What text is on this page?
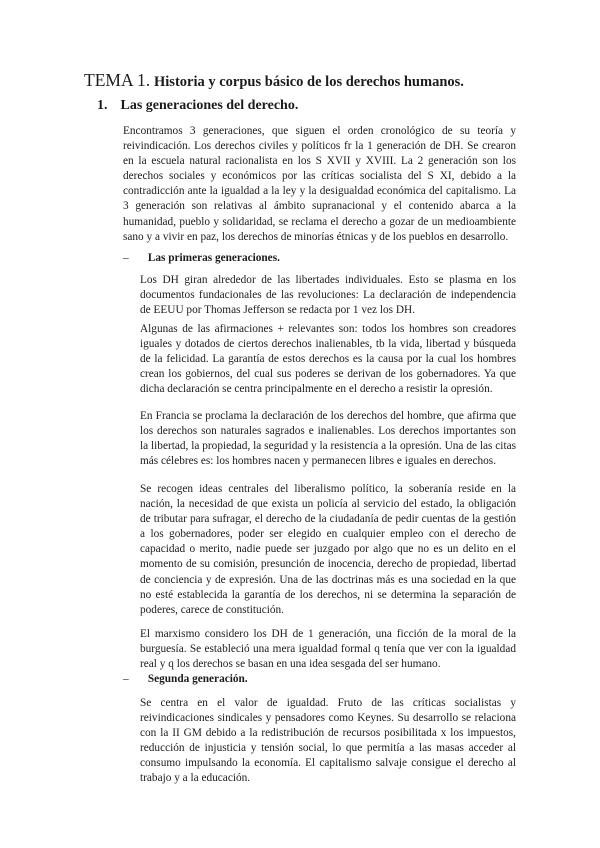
TEMA 1. Historia y corpus básico de los derechos humanos.
1. Las generaciones del derecho.
Encontramos 3 generaciones, que siguen el orden cronológico de su teoría y reivindicación. Los derechos civiles y políticos fr la 1 generación de DH. Se crearon en la escuela natural racionalista en los S XVII y XVIII. La 2 generación son los derechos sociales y económicos por las críticas socialista del S XI, debido a la contradicción ante la igualdad a la ley y la desigualdad económica del capitalismo. La 3 generación son relativas al ámbito supranacional y el contenido abarca a la humanidad, pueblo y solidaridad, se reclama el derecho a gozar de un medioambiente sano y a vivir en paz, los derechos de minorías étnicas y de los pueblos en desarrollo.
– Las primeras generaciones.
Los DH giran alrededor de las libertades individuales. Esto se plasma en los documentos fundacionales de las revoluciones: La declaración de independencia de EEUU por Thomas Jefferson se redacta por 1 vez los DH.
Algunas de las afirmaciones + relevantes son: todos los hombres son creadores iguales y dotados de ciertos derechos inalienables, tb la vida, libertad y búsqueda de la felicidad. La garantía de estos derechos es la causa por la cual los hombres crean los gobiernos, del cual sus poderes se derivan de los gobernadores. Ya que dicha declaración se centra principalmente en el derecho a resistir la opresión.
En Francia se proclama la declaración de los derechos del hombre, que afirma que los derechos son naturales sagrados e inalienables. Los derechos importantes son la libertad, la propiedad, la seguridad y la resistencia a la opresión. Una de las citas más célebres es: los hombres nacen y permanecen libres e iguales en derechos.
Se recogen ideas centrales del liberalismo político, la soberanía reside en la nación, la necesidad de que exista un policía al servicio del estado, la obligación de tributar para sufragar, el derecho de la ciudadanía de pedir cuentas de la gestión a los gobernadores, poder ser elegido en cualquier empleo con el derecho de capacidad o merito, nadie puede ser juzgado por algo que no es un delito en el momento de su comisión, presunción de inocencia, derecho de propiedad, libertad de conciencia y de expresión. Una de las doctrinas más es una sociedad en la que no esté establecida la garantía de los derechos, ni se determina la separación de poderes, carece de constitución.
El marxismo considero los DH de 1 generación, una ficción de la moral de la burguesía. Se estableció una mera igualdad formal q tenía que ver con la igualdad real y q los derechos se basan en una idea sesgada del ser humano.
– Segunda generación.
Se centra en el valor de igualdad. Fruto de las críticas socialistas y reivindicaciones sindicales y pensadores como Keynes. Su desarrollo se relaciona con la II GM debido a la redistribución de recursos posibilitada x los impuestos, reducción de injusticia y tensión social, lo que permitía a las masas acceder al consumo impulsando la economía. El capitalismo salvaje consigue el derecho al trabajo y a la educación.
